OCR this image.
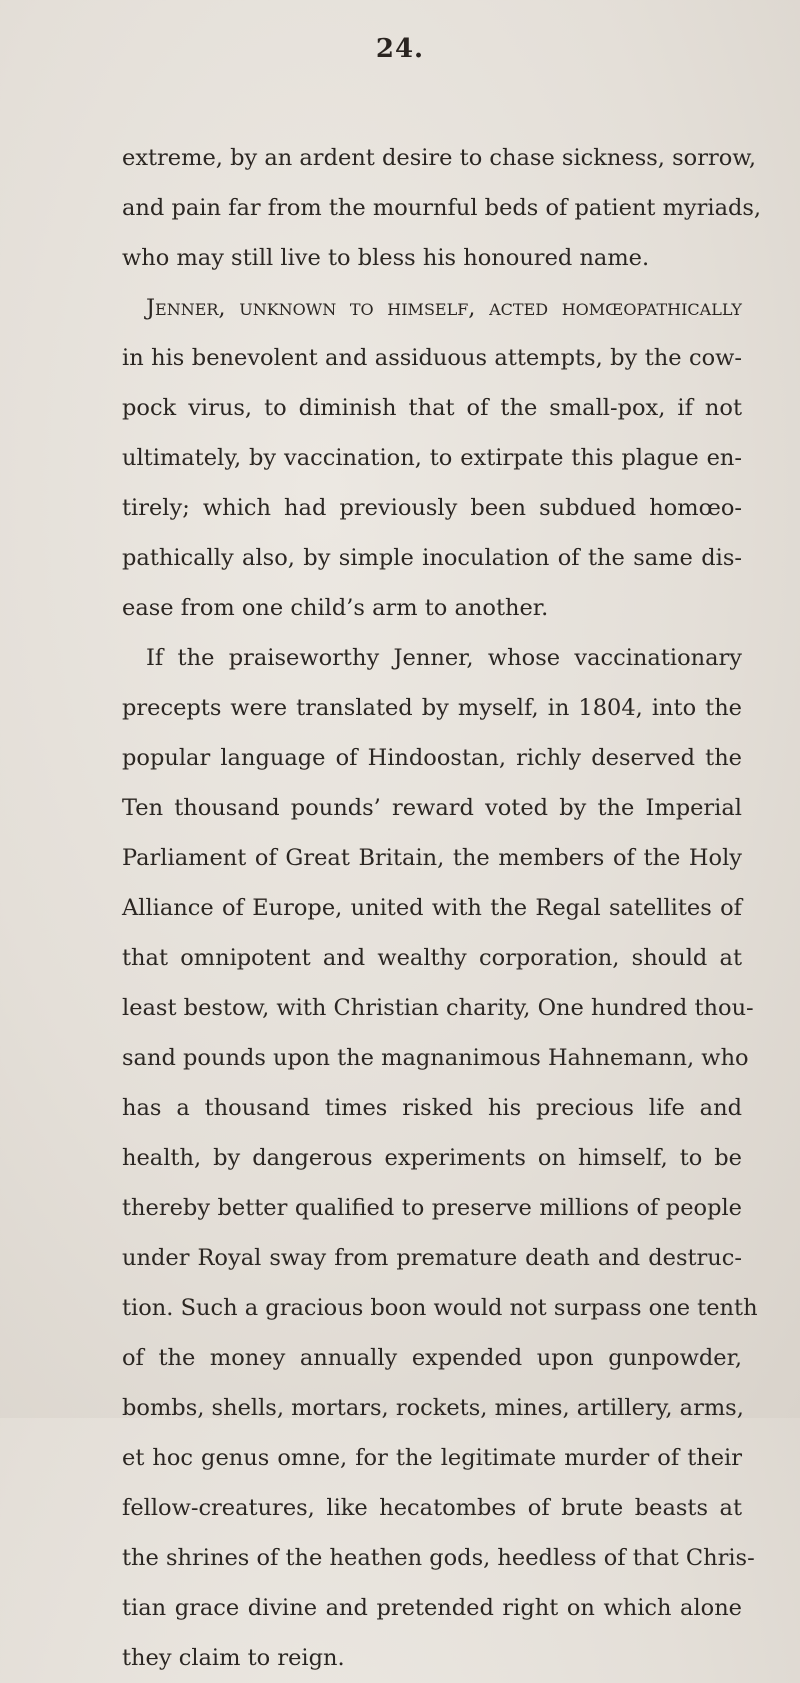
24.
extreme, by an ardent desire to chase sickness, sorrow,
and pain far from the mournful beds of patient myriads,
who may still live to bless his honoured name.
Jenner, unknown to himself, acted homœopathically
in his benevolent and assiduous attempts, by the cow-
pock virus, to diminish that of the small-pox, if not
ultimately, by vaccination, to extirpate this plague en-
tirely; which had previously been subdued homœo-
pathically also, by simple inoculation of the same dis-
ease from one child’s arm to another.
If the praiseworthy Jenner, whose vaccinationary
precepts were translated by myself, in 1804, into the
popular language of Hindoostan, richly deserved the
Ten thousand pounds’ reward voted by the Imperial
Parliament of Great Britain, the members of the Holy
Alliance of Europe, united with the Regal satellites of
that omnipotent and wealthy corporation, should at
least bestow, with Christian charity, One hundred thou-
sand pounds upon the magnanimous Hahnemann, who
has a thousand times risked his precious life and
health, by dangerous experiments on himself, to be
thereby better qualified to preserve millions of people
under Royal sway from premature death and destruc-
tion. Such a gracious boon would not surpass one tenth
of the money annually expended upon gunpowder,
bombs, shells, mortars, rockets, mines, artillery, arms,
et hoc genus omne, for the legitimate murder of their
fellow-creatures, like hecatombes of brute beasts at
the shrines of the heathen gods, heedless of that Chris-
tian grace divine and pretended right on which alone
they claim to reign.
